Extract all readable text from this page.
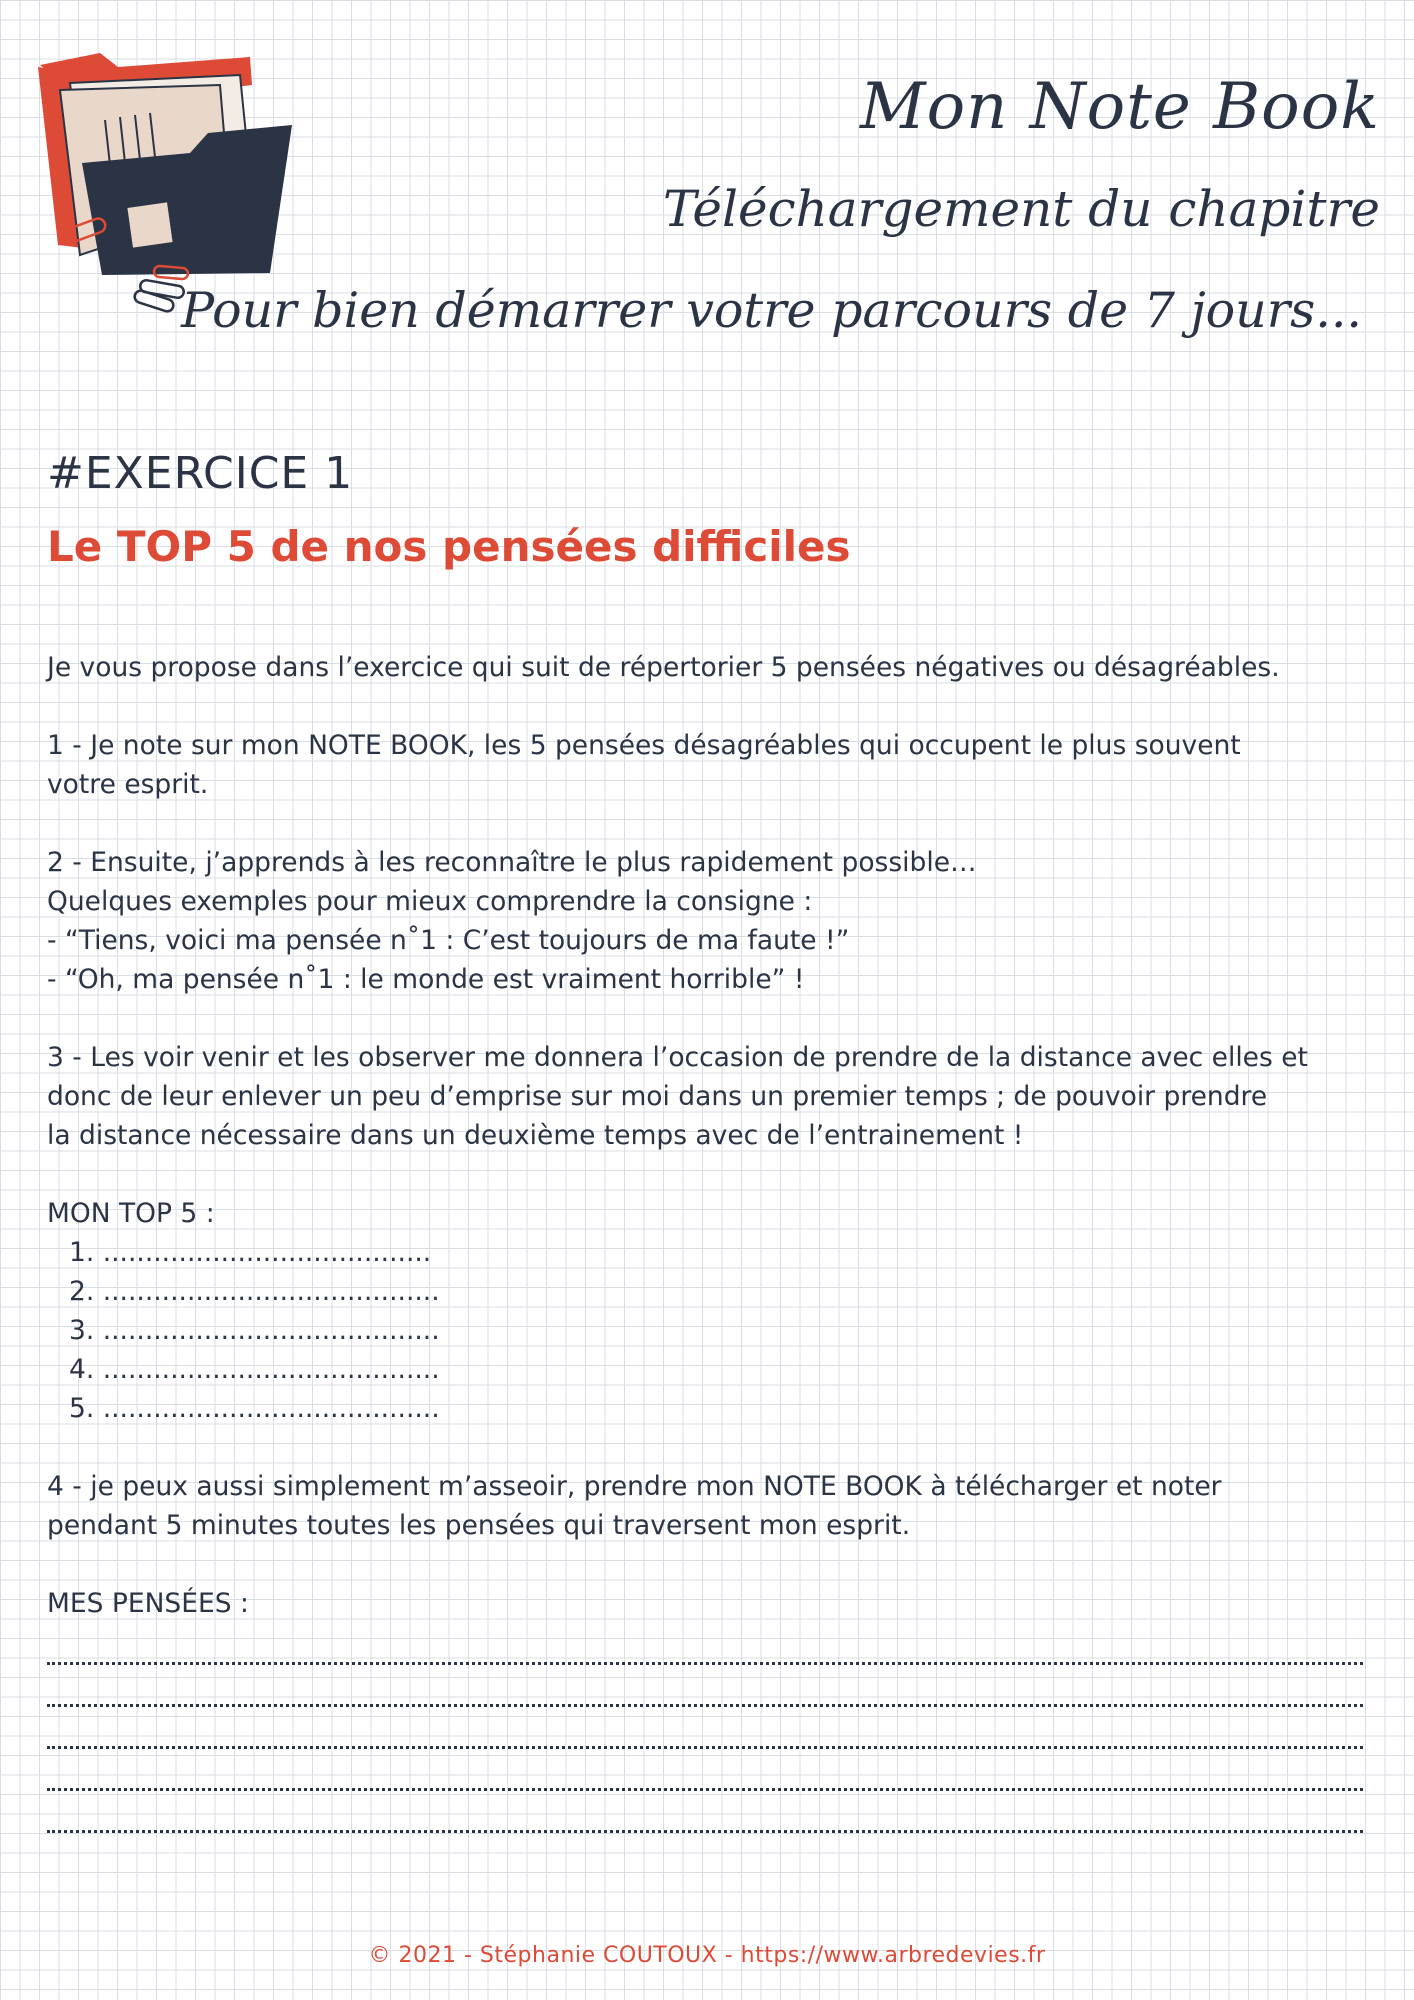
Mon Note Book
Téléchargement du chapitre
Pour bien démarrer votre parcours de 7 jours...
#EXERCICE 1
Le TOP 5 de nos pensées difficiles

Je vous propose dans l’exercice qui suit de répertorier 5 pensées négatives ou désagréables.

1 - Je note sur mon NOTE BOOK, les 5 pensées désagréables qui occupent le plus souvent

votre esprit.

2 - Ensuite, j’apprends à les reconnaître le plus rapidement possible…

Quelques exemples pour mieux comprendre la consigne :

- “Tiens, voici ma pensée n˚1 : C’est toujours de ma faute !”

- “Oh, ma pensée n˚1 : le monde est vraiment horrible” !

3 - Les voir venir et les observer me donnera l’occasion de prendre de la distance avec elles et

donc de leur enlever un peu d’emprise sur moi dans un premier temps ; de pouvoir prendre

la distance nécessaire dans un deuxième temps avec de l’entrainement !

MON TOP 5 :

1. .......................................

2. ........................................

3. ........................................

4. ........................................

5. ........................................

4 - je peux aussi simplement m’asseoir, prendre mon NOTE BOOK à télécharger et noter

pendant 5 minutes toutes les pensées qui traversent mon esprit.

MES PENSÉES :

© 2021 - Stéphanie COUTOUX - https://www.arbredevies.fr
